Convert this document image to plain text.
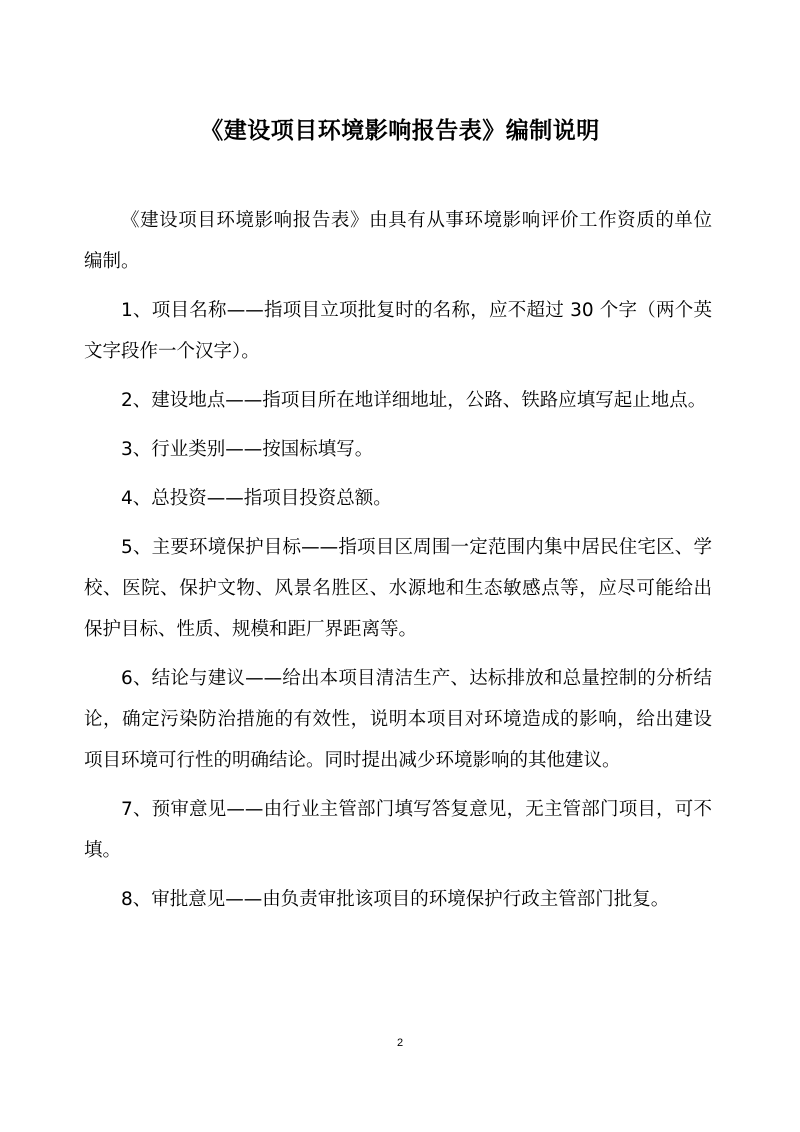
《建设项目环境影响报告表》编制说明

《建设项目环境影响报告表》由具有从事环境影响评价工作资质的单位编制。

1、项目名称——指项目立项批复时的名称，应不超过 30 个字（两个英文字段作一个汉字）。

2、建设地点——指项目所在地详细地址，公路、铁路应填写起止地点。

3、行业类别——按国标填写。

4、总投资——指项目投资总额。

5、主要环境保护目标——指项目区周围一定范围内集中居民住宅区、学校、医院、保护文物、风景名胜区、水源地和生态敏感点等，应尽可能给出保护目标、性质、规模和距厂界距离等。

6、结论与建议——给出本项目清洁生产、达标排放和总量控制的分析结论，确定污染防治措施的有效性，说明本项目对环境造成的影响，给出建设项目环境可行性的明确结论。同时提出减少环境影响的其他建议。

7、预审意见——由行业主管部门填写答复意见，无主管部门项目，可不填。

8、审批意见——由负责审批该项目的环境保护行政主管部门批复。

2
